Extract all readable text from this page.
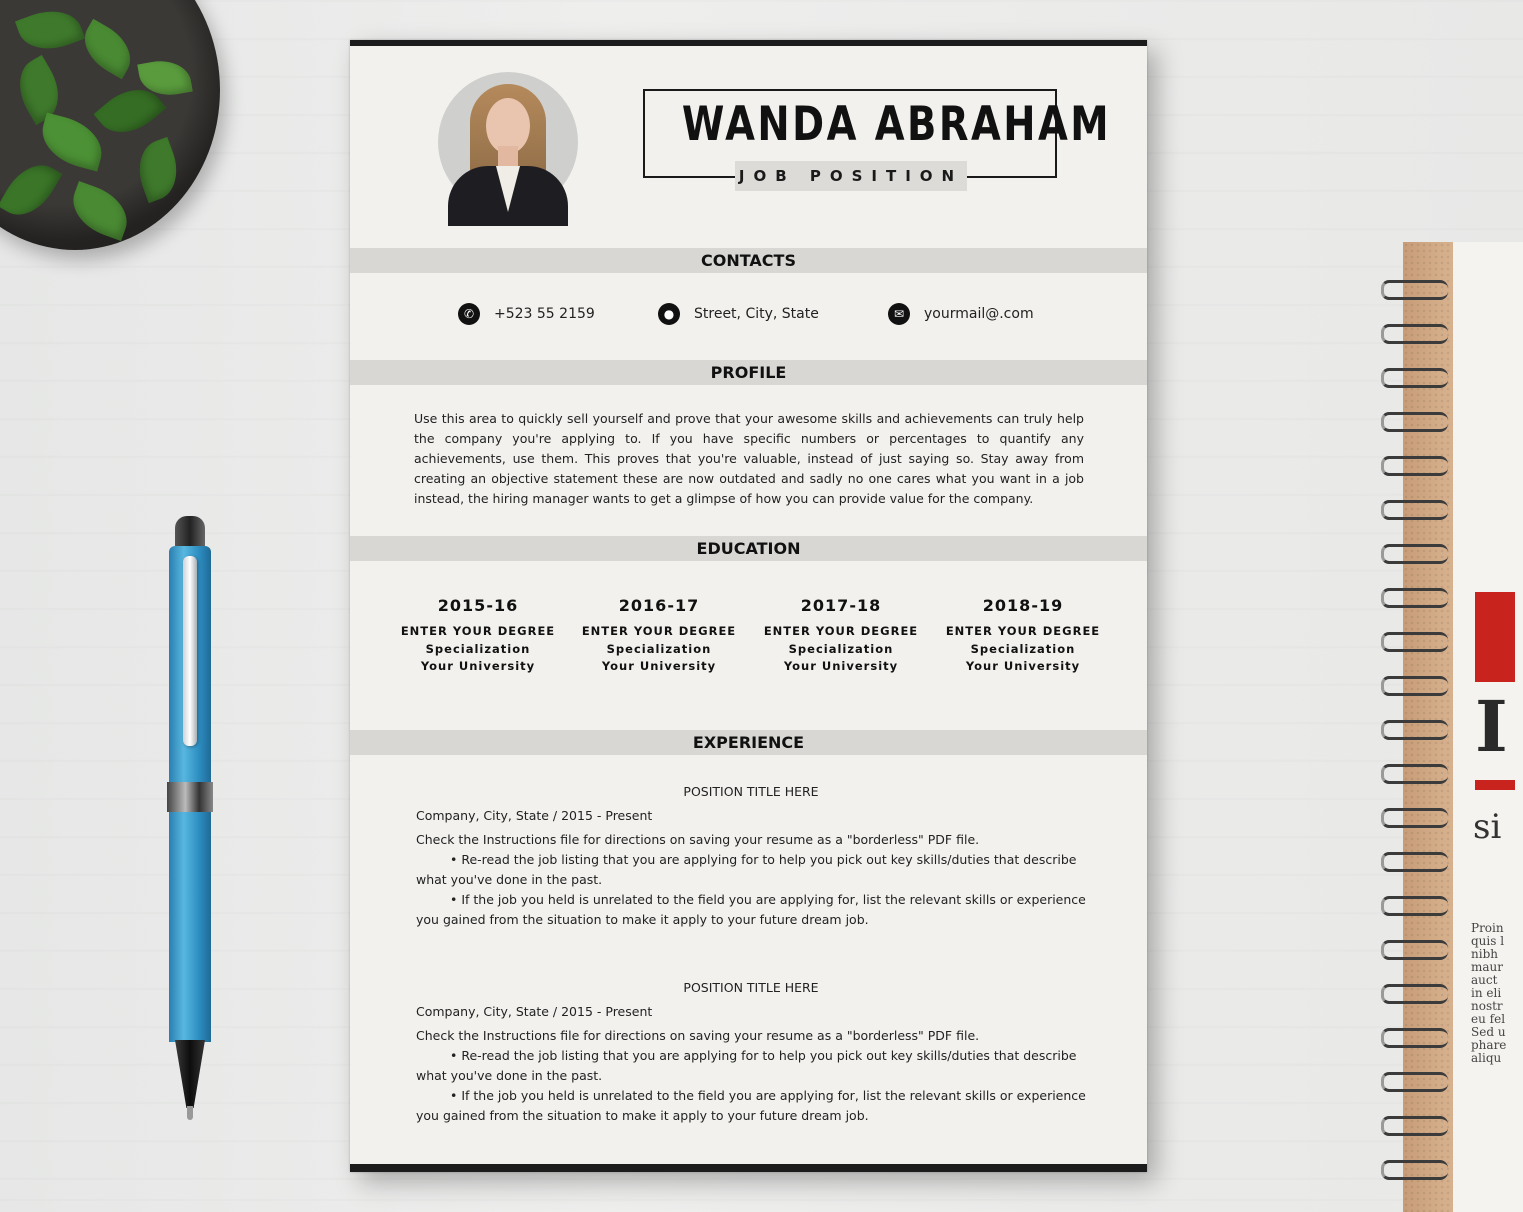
I
si
Proin
quis l
nibh
maur
auct
in eli
nostr
eu fel
Sed u
phare
aliqu
WANDA ABRAHAM
JOB POSITION
CONTACTS
✆	+523 55 2159	●	Street, City, State	✉	yourmail@.com
PROFILE
Use this area to quickly sell yourself and prove that your awesome skills and achievements can truly help the company you're applying to. If you have specific numbers or percentages to quantify any achievements, use them. This proves that you're valuable, instead of just saying so. Stay away from creating an objective statement these are now outdated and sadly no one cares what you want in a job instead, the hiring manager wants to get a glimpse of how you can provide value for the company.
EDUCATION
2015-16
ENTER YOUR DEGREE
Specialization
Your University
2016-17
ENTER YOUR DEGREE
Specialization
Your University
2017-18
ENTER YOUR DEGREE
Specialization
Your University
2018-19
ENTER YOUR DEGREE
Specialization
Your University
EXPERIENCE
POSITION TITLE HERE
Company, City, State / 2015 - Present
Check the Instructions file for directions on saving your resume as a "borderless" PDF file.
• Re-read the job listing that you are applying for to help you pick out key skills/duties that describe what you've done in the past.
• If the job you held is unrelated to the field you are applying for, list the relevant skills or experience you gained from the situation to make it apply to your future dream job.
POSITION TITLE HERE
Company, City, State / 2015 - Present
Check the Instructions file for directions on saving your resume as a "borderless" PDF file.
• Re-read the job listing that you are applying for to help you pick out key skills/duties that describe what you've done in the past.
• If the job you held is unrelated to the field you are applying for, list the relevant skills or experience you gained from the situation to make it apply to your future dream job.
